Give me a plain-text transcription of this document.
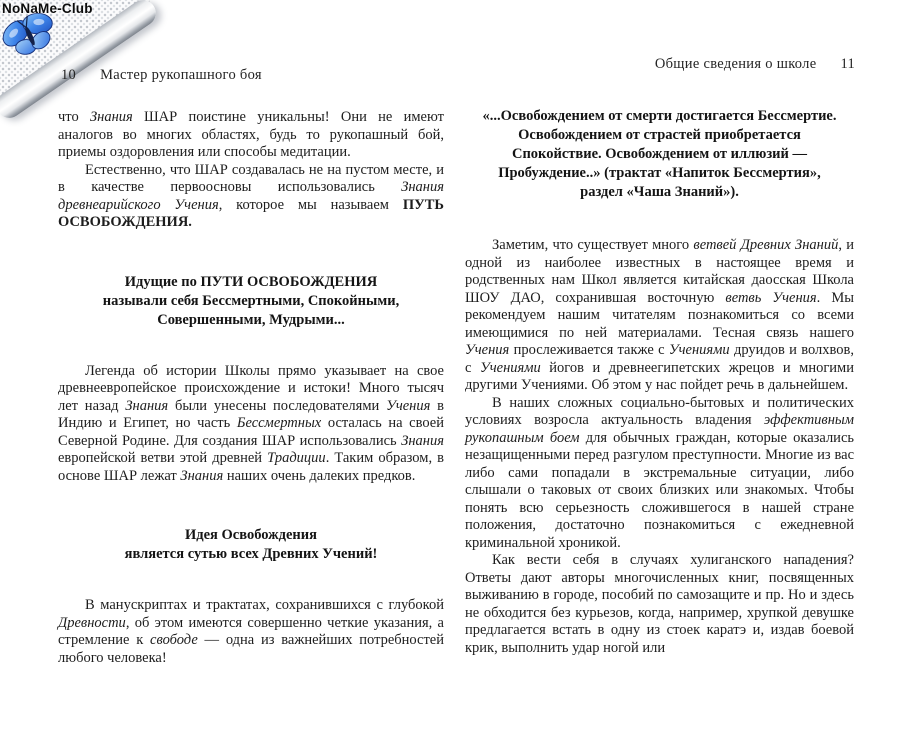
NoNaMe-Club
10 Мастер рукопашного боя
Общие сведения о школе 11
что Знания ШАР поистине уникальны! Они не имеют аналогов во многих областях, будь то рукопашный бой, приемы оздоровления или способы медитации.
Естественно, что ШАР создавалась не на пустом месте, и в качестве первоосновы использовались Знания древнеарийского Учения, которое мы называем ПУТЬ ОСВОБОЖДЕНИЯ.
Идущие по ПУТИ ОСВОБОЖДЕНИЯ
называли себя Бессмертными, Спокойными,
Совершенными, Мудрыми...
Легенда об истории Школы прямо указывает на свое древнеевропейское происхождение и истоки! Много тысяч лет назад Знания были унесены последователями Учения в Индию и Египет, но часть Бессмертных осталась на своей Северной Родине. Для создания ШАР использовались Знания европейской ветви этой древней Традиции. Таким образом, в основе ШАР лежат Знания наших очень далеких предков.
Идея Освобождения
является сутью всех Древних Учений!
В манускриптах и трактатах, сохранившихся с глубокой Древности, об этом имеются совершенно четкие указания, а стремление к свободе — одна из важнейших потребностей любого человека!
«...Освобождением от смерти достигается Бессмертие.
Освобождением от страстей приобретается
Спокойствие. Освобождением от иллюзий —
Пробуждение..» (трактат «Напиток Бессмертия»,
раздел «Чаша Знаний»).
Заметим, что существует много ветвей Древних Знаний, и одной из наиболее известных в настоящее время и родственных нам Школ является китайская даосская Школа ШОУ ДАО, сохранившая восточную ветвь Учения. Мы рекомендуем нашим читателям познакомиться со всеми имеющимися по ней материалами. Тесная связь нашего Учения прослеживается также с Учениями друидов и волхвов, с Учениями йогов и древнеегипетских жрецов и многими другими Учениями. Об этом у нас пойдет речь в дальнейшем.
В наших сложных социально-бытовых и политических условиях возросла актуальность владения эффективным рукопашным боем для обычных граждан, которые оказались незащищенными перед разгулом преступности. Многие из вас либо сами попадали в экстремальные ситуации, либо слышали о таковых от своих близких или знакомых. Чтобы понять всю серьезность сложившегося в нашей стране положения, достаточно познакомиться с ежедневной криминальной хроникой.
Как вести себя в случаях хулиганского нападения? Ответы дают авторы многочисленных книг, посвященных выживанию в городе, пособий по самозащите и пр. Но и здесь не обходится без курьезов, когда, например, хрупкой девушке предлагается встать в одну из стоек каратэ и, издав боевой крик, выполнить удар ногой или
